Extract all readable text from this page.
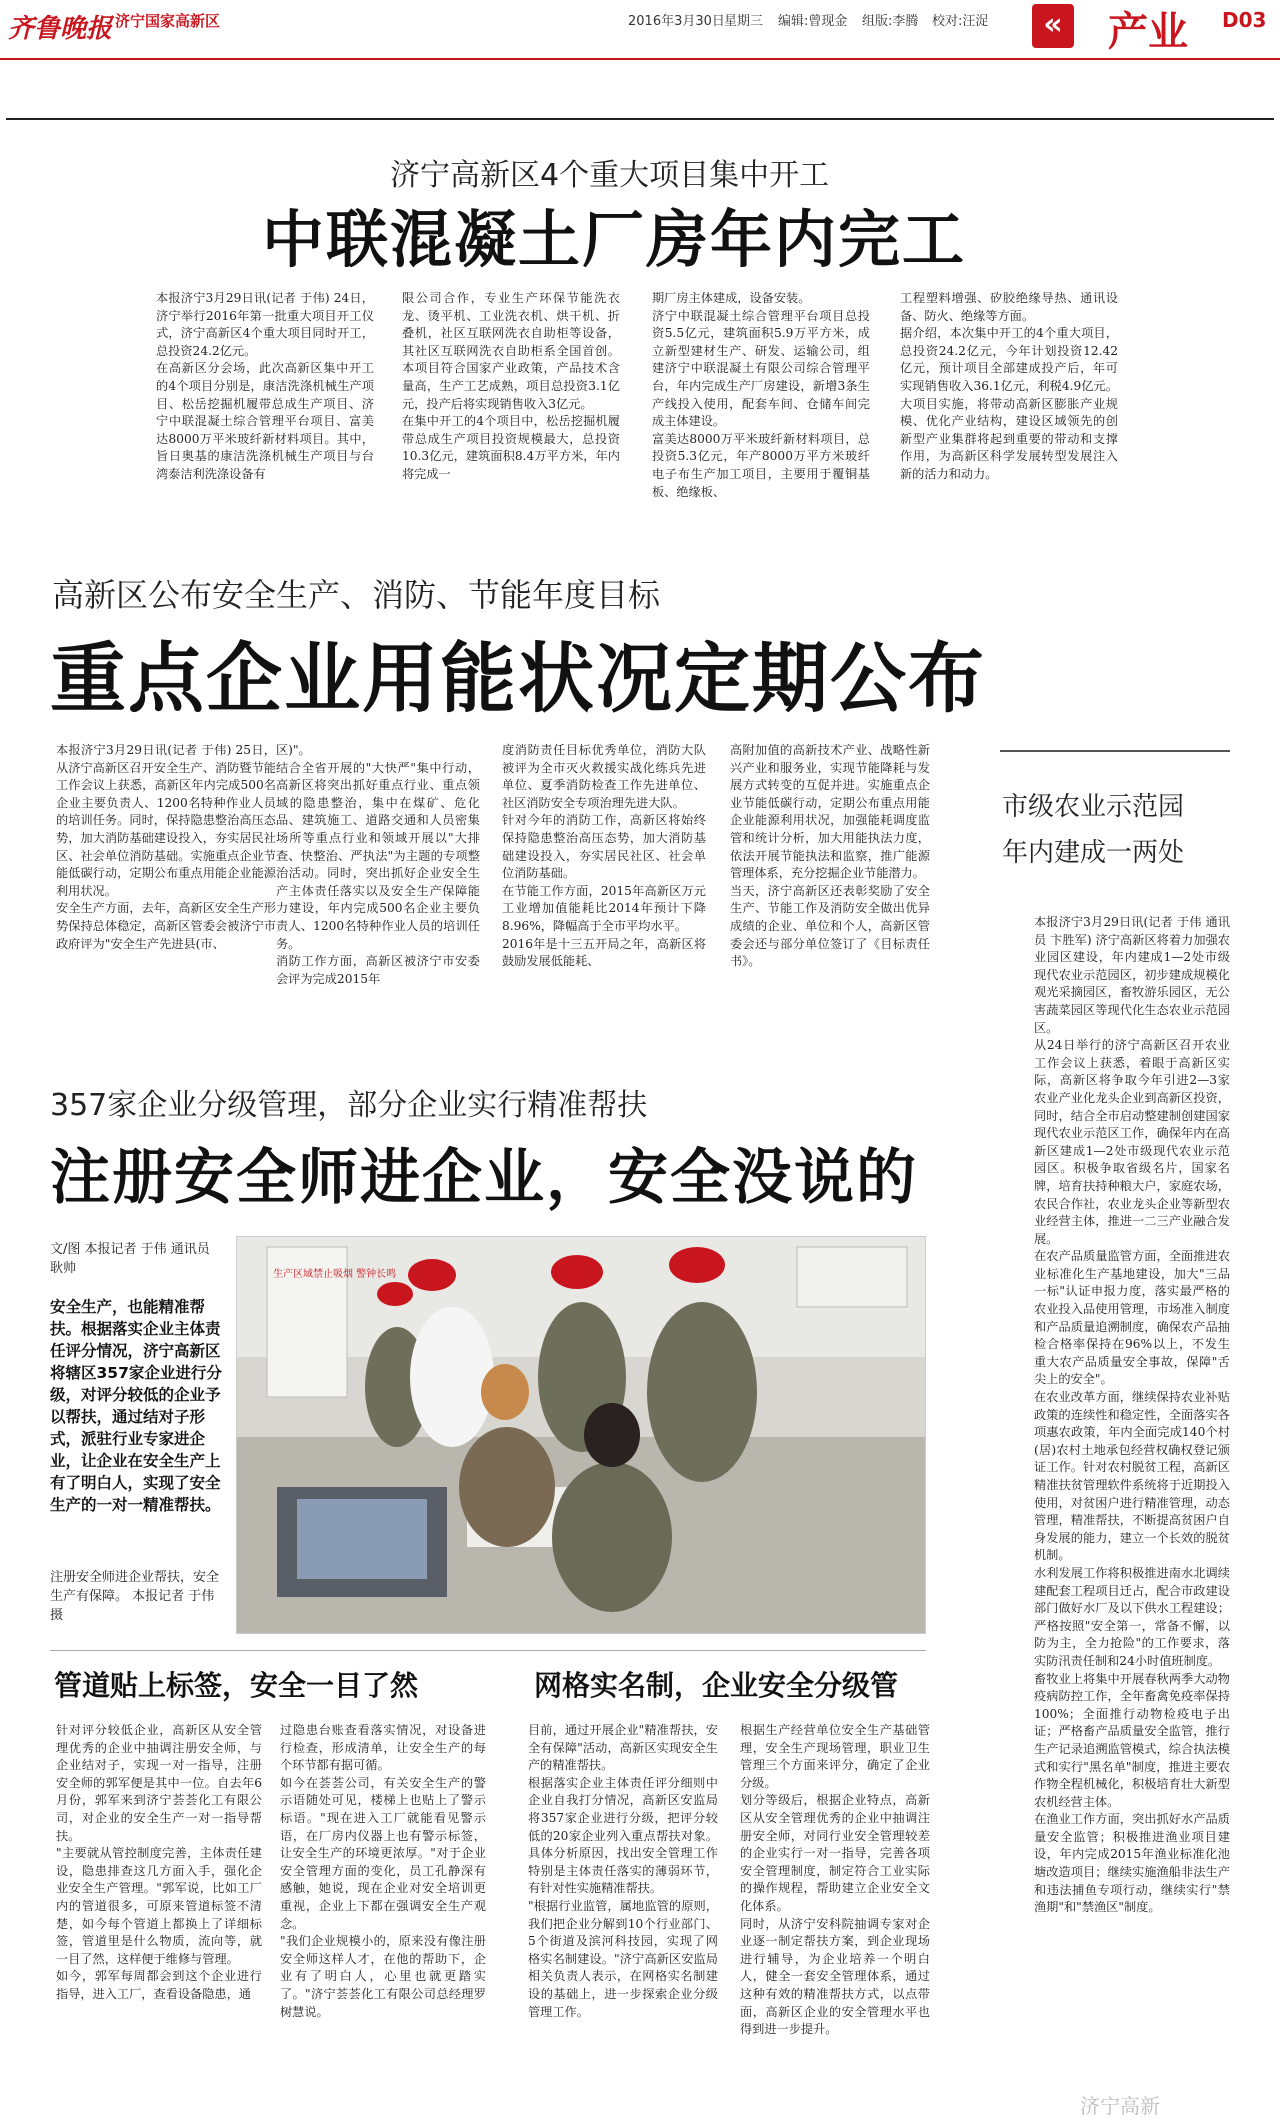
齐鲁晚报 济宁国家高新区	2016年3月30日 星期三 编辑:曾现金 组版:李腾 校对:汪浞	« 产业 D03
济宁高新区4个重大项目集中开工
中联混凝土厂房年内完工
本报济宁3月29日讯(记者 于伟) 24日，济宁举行2016年第一批重大项目开工仪式，济宁高新区4个重大项目同时开工，总投资24.2亿元。
在高新区分会场，此次高新区集中开工的4个项目分别是，康洁洗涤机械生产项目、松岳挖掘机履带总成生产项目、济宁中联混凝土综合管理平台项目、富美达8000万平米玻纤新材料项目。其中，旨日奥基的康洁洗涤机械生产项目与台湾泰洁利洗涤设备有
限公司合作，专业生产环保节能洗衣龙、烫平机、工业洗衣机、烘干机、折叠机，社区互联网洗衣自助柜等设备，其社区互联网洗衣自助柜系全国首创。本项目符合国家产业政策，产品技术含量高，生产工艺成熟，项目总投资3.1亿元，投产后将实现销售收入3亿元。
在集中开工的4个项目中，松岳挖掘机履带总成生产项目投资规模最大，总投资10.3亿元，建筑面积8.4万平方米，年内将完成一
期厂房主体建成，设备安装。
济宁中联混凝土综合管理平台项目总投资5.5亿元，建筑面积5.9万平方米，成立新型建材生产、研发、运输公司，组建济宁中联混凝土有限公司综合管理平台，年内完成生产厂房建设，新增3条生产线投入使用，配套车间、仓储车间完成主体建设。
富美达8000万平米玻纤新材料项目，总投资5.3亿元，年产8000万平方米玻纤电子布生产加工项目，主要用于覆铜基板、绝缘板、
工程塑料增强、矽胶绝缘导热、通讯设备、防火、绝缘等方面。
据介绍，本次集中开工的4个重大项目，总投资24.2亿元，今年计划投资12.42亿元，预计项目全部建成投产后，年可实现销售收入36.1亿元，利税4.9亿元。大项目实施，将带动高新区膨胀产业规模、优化产业结构，建设区域领先的创新型产业集群将起到重要的带动和支撑作用，为高新区科学发展转型发展注入新的活力和动力。
高新区公布安全生产、消防、节能年度目标
重点企业用能状况定期公布
本报济宁3月29日讯(记者 于伟) 25日，从济宁高新区召开安全生产、消防暨节能工作会议上获悉，高新区年内完成500名企业主要负责人、1200名特种作业人员的培训任务。同时，保持隐患整治高压态势，加大消防基础建设投入，夯实居民社区、社会单位消防基础。实施重点企业节能低碳行动，定期公布重点用能企业能源利用状况。
安全生产方面，去年，高新区安全生产形势保持总体稳定，高新区管委会被济宁市政府评为"安全生产先进县(市、
区)"。
结合全省开展的"大快严"集中行动，高新区将突出抓好重点行业、重点领域的隐患整治，集中在煤矿、危化品、建筑施工、道路交通和人员密集场所等重点行业和领域开展以"大排查、快整治、严执法"为主题的专项整治活动。同时，突出抓好企业安全生产主体责任落实以及安全生产保障能力建设，年内完成500名企业主要负责人、1200名特种作业人员的培训任务。
消防工作方面，高新区被济宁市安委会评为完成2015年
度消防责任目标优秀单位，消防大队被评为全市灭火救援实战化练兵先进单位、夏季消防检查工作先进单位、社区消防安全专项治理先进大队。
针对今年的消防工作，高新区将始终保持隐患整治高压态势，加大消防基础建设投入，夯实居民社区、社会单位消防基础。
在节能工作方面，2015年高新区万元工业增加值能耗比2014年预计下降8.96%，降幅高于全市平均水平。
2016年是十三五开局之年，高新区将鼓励发展低能耗、
高附加值的高新技术产业、战略性新兴产业和服务业，实现节能降耗与发展方式转变的互促并进。实施重点企业节能低碳行动，定期公布重点用能企业能源利用状况，加强能耗调度监管和统计分析，加大用能执法力度，依法开展节能执法和监察，推广能源管理体系，充分挖掘企业节能潜力。
当天，济宁高新区还表彰奖励了安全生产、节能工作及消防安全做出优异成绩的企业、单位和个人，高新区管委会还与部分单位签订了《目标责任书》。
市级农业示范园
年内建成一两处
本报济宁3月29日讯(记者 于伟 通讯员 卞胜军) 济宁高新区将着力加强农业园区建设，年内建成1—2处市级现代农业示范园区，初步建成规模化观光采摘园区，畜牧游乐园区，无公害蔬菜园区等现代化生态农业示范园区。
从24日举行的济宁高新区召开农业工作会议上获悉，着眼于高新区实际，高新区将争取今年引进2—3家农业产业化龙头企业到高新区投资，同时，结合全市启动整建制创建国家现代农业示范区工作，确保年内在高新区建成1—2处市级现代农业示范园区。积极争取省级名片，国家名牌，培育扶持种粮大户，家庭农场，农民合作社，农业龙头企业等新型农业经营主体，推进一二三产业融合发展。
在农产品质量监管方面，全面推进农业标准化生产基地建设，加大"三品一标"认证申报力度，落实最严格的农业投入品使用管理，市场准入制度和产品质量追溯制度，确保农产品抽检合格率保持在96%以上，不发生重大农产品质量安全事故，保障"舌尖上的安全"。
在农业改革方面，继续保持农业补贴政策的连续性和稳定性，全面落实各项惠农政策，年内全面完成140个村(居)农村土地承包经营权确权登记颁证工作。针对农村脱贫工程，高新区精准扶贫管理软件系统将于近期投入使用，对贫困户进行精准管理，动态管理，精准帮扶，不断提高贫困户自身发展的能力，建立一个长效的脱贫机制。
水利发展工作将积极推进南水北调续建配套工程项目迁占，配合市政建设部门做好水厂及以下供水工程建设；严格按照"安全第一，常备不懈，以防为主，全力抢险"的工作要求，落实防汛责任制和24小时值班制度。
畜牧业上将集中开展春秋两季大动物疫病防控工作，全年畜禽免疫率保持100%；全面推行动物检疫电子出证；严格畜产品质量安全监管，推行生产记录追溯监管模式，综合执法模式和实行"黑名单"制度，推进主要农作物全程机械化，积极培育壮大新型农机经营主体。
在渔业工作方面，突出抓好水产品质量安全监管；积极推进渔业项目建设，年内完成2015年渔业标准化池塘改造项目；继续实施渔船非法生产和违法捕鱼专项行动，继续实行"禁渔期"和"禁渔区"制度。
357家企业分级管理，部分企业实行精准帮扶
注册安全师进企业，安全没说的
文/图 本报记者 于伟 通讯员 耿帅
安全生产，也能精准帮扶。根据落实企业主体责任评分情况，济宁高新区将辖区357家企业进行分级，对评分较低的企业予以帮扶，通过结对子形式，派驻行业专家进企业，让企业在安全生产上有了明白人，实现了安全生产的一对一精准帮扶。
生产区域禁止吸烟 警钟长鸣
注册安全师进企业帮扶，安全生产有保障。 本报记者 于伟 摄
管道贴上标签，安全一目了然	网格实名制，企业安全分级管
针对评分较低企业，高新区从安全管理优秀的企业中抽调注册安全师，与企业结对子，实现一对一指导，注册安全师的郭军便是其中一位。自去年6月份，郭军来到济宁荟荟化工有限公司，对企业的安全生产一对一指导帮扶。
"主要就从管控制度完善，主体责任建设，隐患排查这几方面入手，强化企业安全生产管理。"郭军说，比如工厂内的管道很多，可原来管道标签不清楚，如今每个管道上都换上了详细标签，管道里是什么物质，流向等，就一目了然，这样便于维修与管理。
如今，郭军每周都会到这个企业进行指导，进入工厂，查看设备隐患，通
过隐患台账查看落实情况，对设备进行检查，形成清单，让安全生产的每个环节都有据可循。
如今在荟荟公司，有关安全生产的警示语随处可见，楼梯上也贴上了警示标语。"现在进入工厂就能看见警示语，在厂房内仪器上也有警示标签，让安全生产的环境更浓厚。"对于企业安全管理方面的变化，员工孔静深有感触，她说，现在企业对安全培训更重视，企业上下都在强调安全生产观念。
"我们企业规模小的，原来没有像注册安全师这样人才，在他的帮助下，企业有了明白人，心里也就更踏实了。"济宁荟荟化工有限公司总经理罗树慧说。
目前，通过开展企业"精准帮扶，安全有保障"活动，高新区实现安全生产的精准帮扶。
根据落实企业主体责任评分细则中企业自我打分情况，高新区安监局将357家企业进行分级，把评分较低的20家企业列入重点帮扶对象。具体分析原因，找出安全管理工作特别是主体责任落实的薄弱环节，有针对性实施精准帮扶。
"根据行业监管，属地监管的原则，我们把企业分解到10个行业部门、5个街道及滨河科技园，实现了网格实名制建设。"济宁高新区安监局相关负责人表示，在网格实名制建设的基础上，进一步探索企业分级管理工作。
根据生产经营单位安全生产基础管理，安全生产现场管理，职业卫生管理三个方面来评分，确定了企业分级。
划分等级后，根据企业特点，高新区从安全管理优秀的企业中抽调注册安全师，对同行业安全管理较差的企业实行一对一指导，完善各项安全管理制度，制定符合工业实际的操作规程，帮助建立企业安全文化体系。
同时，从济宁安科院抽调专家对企业逐一制定帮扶方案，到企业现场进行辅导，为企业培养一个明白人，健全一套安全管理体系，通过这种有效的精准帮扶方式，以点带面，高新区企业的安全管理水平也得到进一步提升。
济宁高新
